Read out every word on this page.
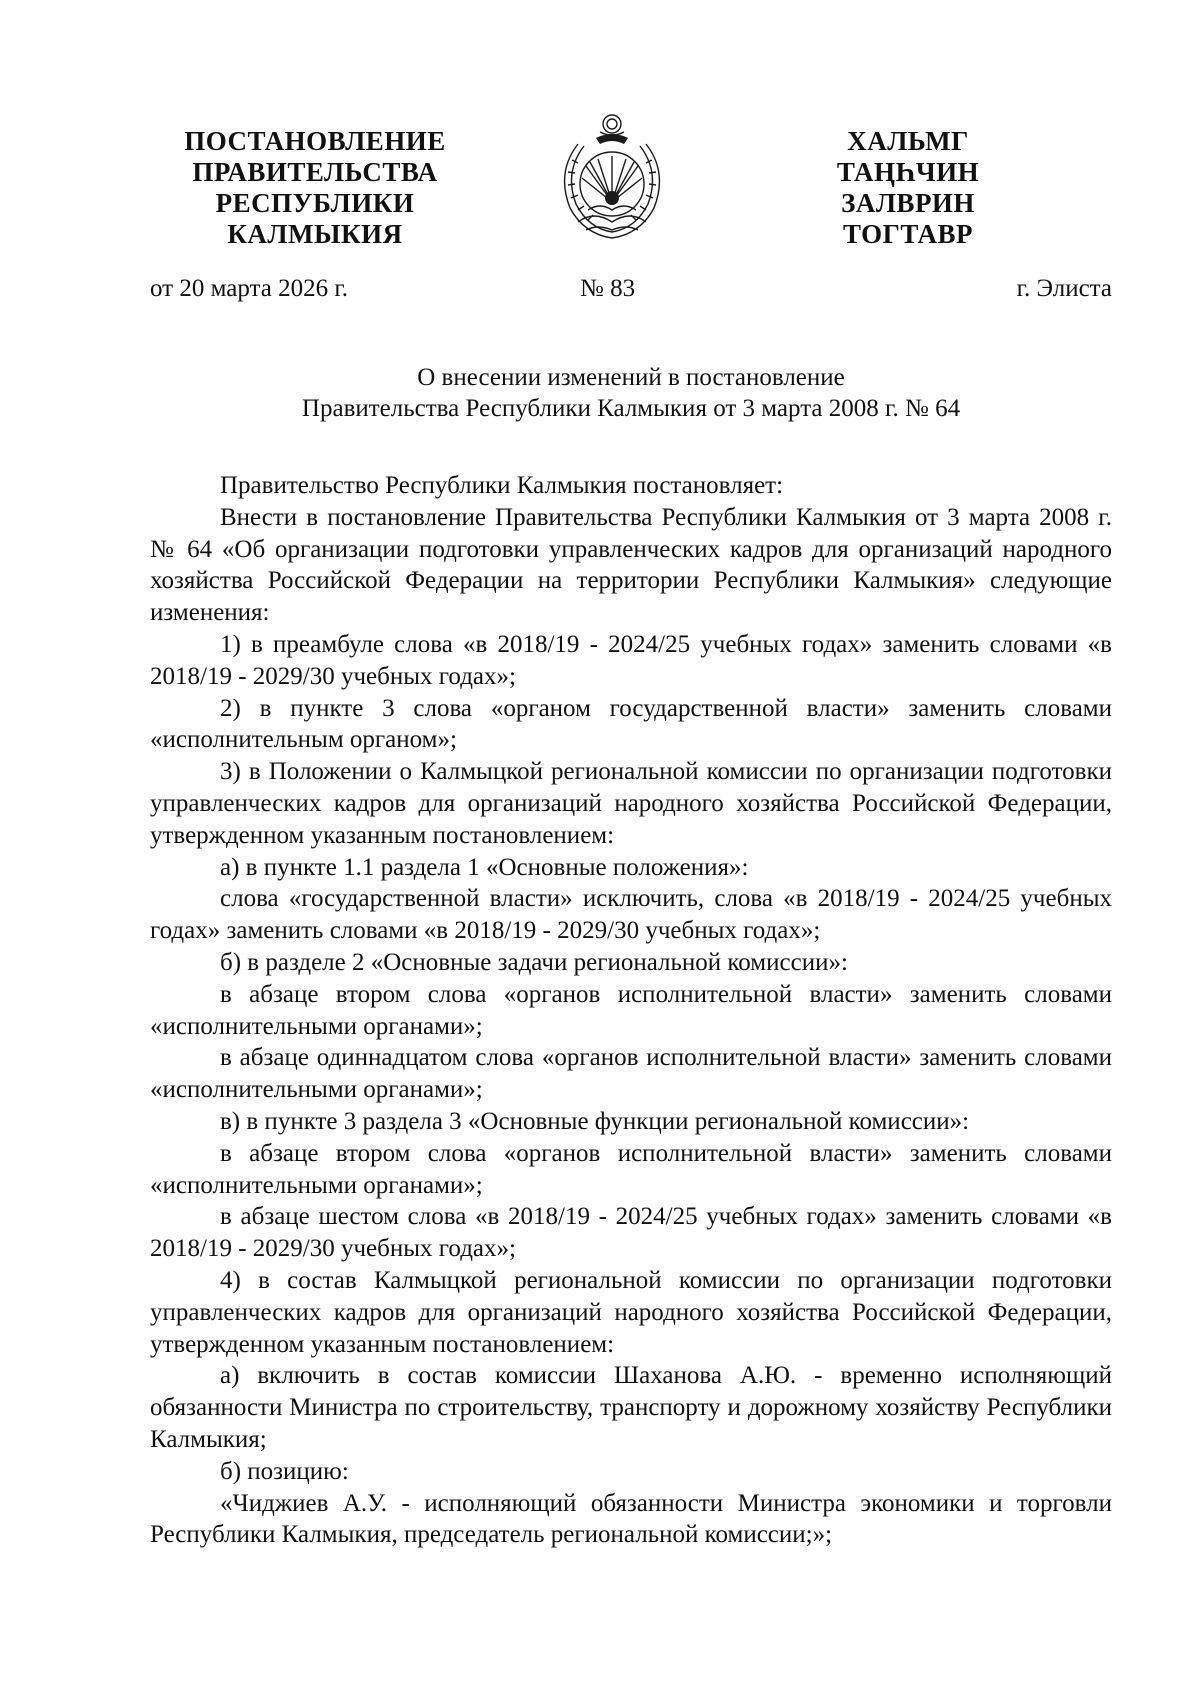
ПОСТАНОВЛЕНИЕ
ПРАВИТЕЛЬСТВА
РЕСПУБЛИКИ
КАЛМЫКИЯ
ХАЛЬМГ
ТАҢҺЧИН
ЗАЛВРИН
ТОГТАВР
от 20 марта 2026 г.	№ 83	г. Элиста
О внесении изменений в постановление
Правительства Республики Калмыкия от 3 марта 2008 г. № 64

Правительство Республики Калмыкия постановляет:

Внести в постановление Правительства Республики Калмыкия от 3 марта 2008 г. № 64 «Об организации подготовки управленческих кадров для организаций народного хозяйства Российской Федерации на территории Республики Калмыкия» следующие изменения:

1) в преамбуле слова «в 2018/19 - 2024/25 учебных годах» заменить словами «в 2018/19 - 2029/30 учебных годах»;

2) в пункте 3 слова «органом государственной власти» заменить словами «исполнительным органом»;

3) в Положении о Калмыцкой региональной комиссии по организации подготовки управленческих кадров для организаций народного хозяйства Российской Федерации, утвержденном указанным постановлением:

а) в пункте 1.1 раздела 1 «Основные положения»:

слова «государственной власти» исключить, слова «в 2018/19 - 2024/25 учебных годах» заменить словами «в 2018/19 - 2029/30 учебных годах»;

б) в разделе 2 «Основные задачи региональной комиссии»:

в абзаце втором слова «органов исполнительной власти» заменить словами «исполнительными органами»;

в абзаце одиннадцатом слова «органов исполнительной власти» заменить словами «исполнительными органами»;

в) в пункте 3 раздела 3 «Основные функции региональной комиссии»:

в абзаце втором слова «органов исполнительной власти» заменить словами «исполнительными органами»;

в абзаце шестом слова «в 2018/19 - 2024/25 учебных годах» заменить словами «в 2018/19 - 2029/30 учебных годах»;

4) в состав Калмыцкой региональной комиссии по организации подготовки управленческих кадров для организаций народного хозяйства Российской Федерации, утвержденном указанным постановлением:

а) включить в состав комиссии Шаханова А.Ю. - временно исполняющий обязанности Министра по строительству, транспорту и дорожному хозяйству Республики Калмыкия;

б) позицию:

«Чиджиев А.У. - исполняющий обязанности Министра экономики и торговли Республики Калмыкия, председатель региональной комиссии;»;
